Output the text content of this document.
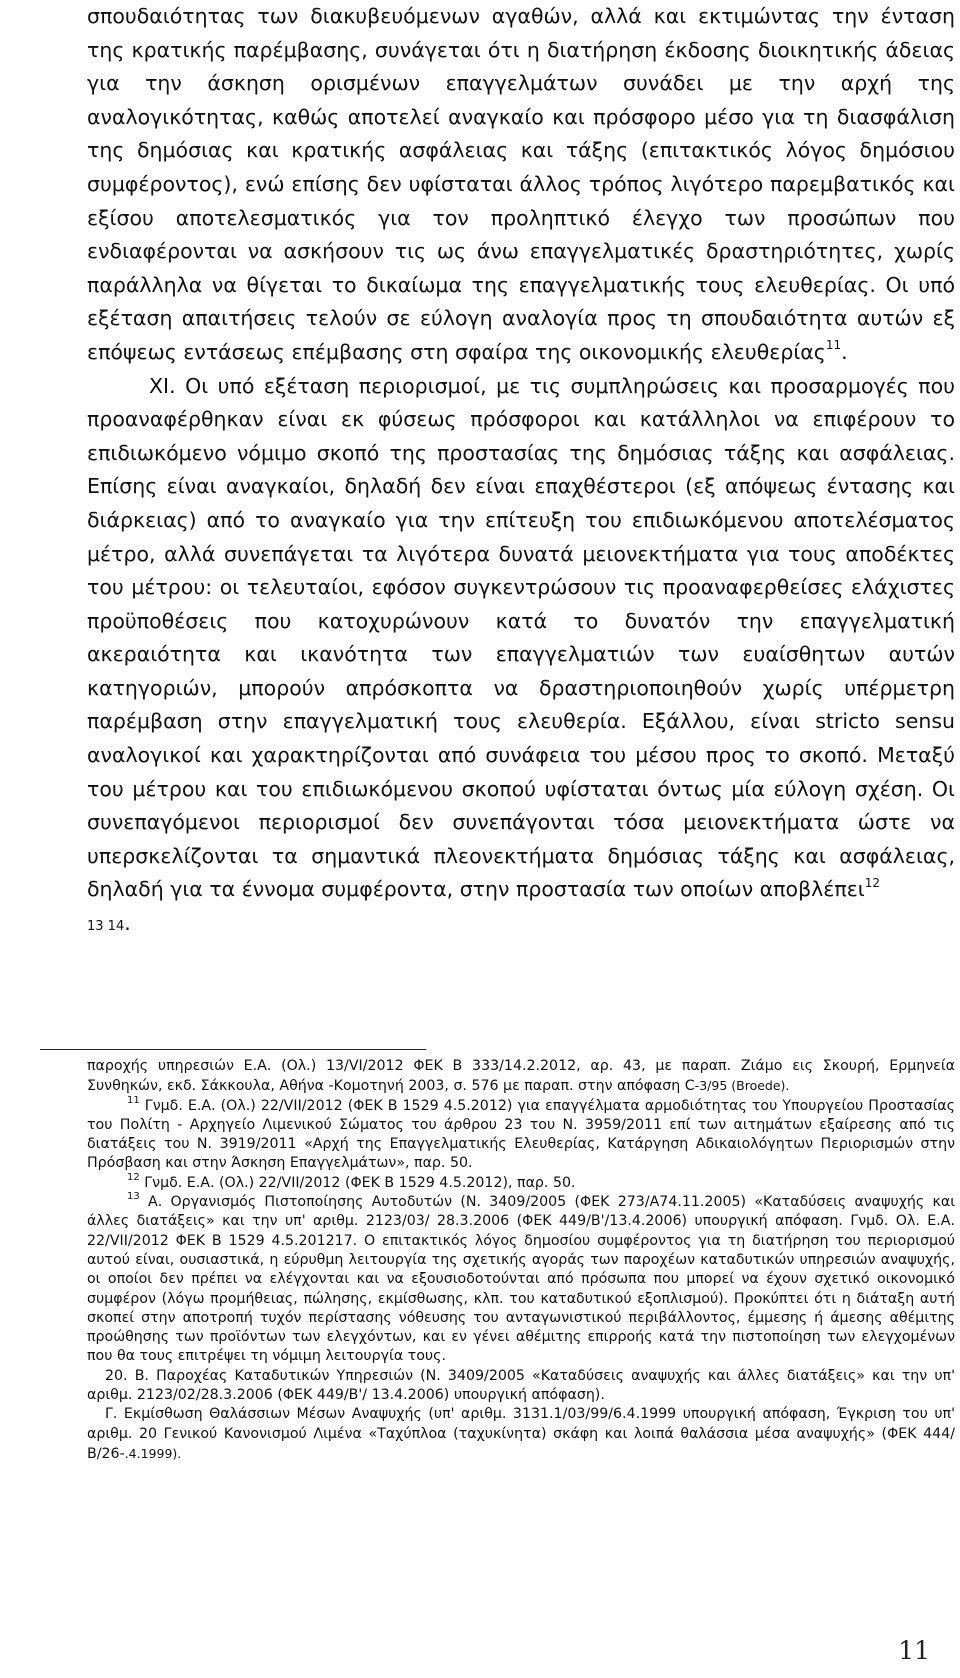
σπουδαιότητας των διακυβευόμενων αγαθών, αλλά και εκτιμώντας την ένταση της κρατικής παρέμβασης, συνάγεται ότι η διατήρηση έκδοσης διοικητικής άδειας για την άσκηση ορισμένων επαγγελμάτων συνάδει με την αρχή της αναλογικότητας, καθώς αποτελεί αναγκαίο και πρόσφορο μέσο για τη διασφάλιση της δημόσιας και κρατικής ασφάλειας και τάξης (επιτακτικός λόγος δημόσιου συμφέροντος), ενώ επίσης δεν υφίσταται άλλος τρόπος λιγότερο παρεμβατικός και εξίσου αποτελεσματικός για τον προληπτικό έλεγχο των προσώπων που ενδιαφέρονται να ασκήσουν τις ως άνω επαγγελματικές δραστηριότητες, χωρίς παράλληλα να θίγεται το δικαίωμα της επαγγελματικής τους ελευθερίας. Οι υπό εξέταση απαιτήσεις τελούν σε εύλογη αναλογία προς τη σπουδαιότητα αυτών εξ επόψεως εντάσεως επέμβασης στη σφαίρα της οικονομικής ελευθερίας$^{11}$.

XI. Οι υπό εξέταση περιορισμοί, με τις συμπληρώσεις και προσαρμογές που προαναφέρθηκαν είναι εκ φύσεως πρόσφοροι και κατάλληλοι να επιφέρουν το επιδιωκόμενο νόμιμο σκοπό της προστασίας της δημόσιας τάξης και ασφάλειας. Επίσης είναι αναγκαίοι, δηλαδή δεν είναι επαχθέστεροι (εξ απόψεως έντασης και διάρκειας) από το αναγκαίο για την επίτευξη του επιδιωκόμενου αποτελέσματος μέτρο, αλλά συνεπάγεται τα λιγότερα δυνατά μειονεκτήματα για τους αποδέκτες του μέτρου: οι τελευταίοι, εφόσον συγκεντρώσουν τις προαναφερθείσες ελάχιστες προϋποθέσεις που κατοχυρώνουν κατά το δυνατόν την επαγγελματική ακεραιότητα και ικανότητα των επαγγελματιών των ευαίσθητων αυτών κατηγοριών, μπορούν απρόσκοπτα να δραστηριοποιηθούν χωρίς υπέρμετρη παρέμβαση στην επαγγελματική τους ελευθερία. Εξάλλου, είναι stricto sensu αναλογικοί και χαρακτηρίζονται από συνάφεια του μέσου προς το σκοπό. Μεταξύ του μέτρου και του επιδιωκόμενου σκοπού υφίσταται όντως μία εύλογη σχέση. Οι συνεπαγόμενοι περιορισμοί δεν συνεπάγονται τόσα μειονεκτήματα ώστε να υπερσκελίζονται τα σημαντικά πλεονεκτήματα δημόσιας τάξης και ασφάλειας, δηλαδή για τα έννομα συμφέροντα, στην προστασία των οποίων αποβλέπει$^{12}$
13 14.

παροχής υπηρεσιών Ε.Α. (Ολ.) 13/VI/2012 ΦΕΚ Β 333/14.2.2012, αρ. 43, με παραπ. Ζιάμο εις Σκουρή, Ερμηνεία Συνθηκών, εκδ. Σάκκουλα, Αθήνα -Κομοτηνή 2003, σ. 576 με παραπ. στην απόφαση C-3/95 (Broede).

$^{11}$ Γνμδ. Ε.Α. (Ολ.) 22/VII/2012 (ΦΕΚ Β 1529 4.5.2012) για επαγγέλματα αρμοδιότητας του Υπουργείου Προστασίας του Πολίτη - Αρχηγείο Λιμενικού Σώματος του άρθρου 23 του Ν. 3959/2011 επί των αιτημάτων εξαίρεσης από τις διατάξεις του Ν. 3919/2011 «Αρχή της Επαγγελματικής Ελευθερίας, Κατάργηση Αδικαιολόγητων Περιορισμών στην Πρόσβαση και στην Άσκηση Επαγγελμάτων», παρ. 50.

$^{12}$ Γνμδ. Ε.Α. (Ολ.) 22/VII/2012 (ΦΕΚ Β 1529 4.5.2012), παρ. 50.

$^{13}$ Α. Οργανισμός Πιστοποίησης Αυτοδυτών (Ν. 3409/2005 (ΦΕΚ 273/Α74.11.2005) «Καταδύσεις αναψυχής και άλλες διατάξεις» και την υπ' αριθμ. 2123/03/ 28.3.2006 (ΦΕΚ 449/Β'/13.4.2006) υπουργική απόφαση. Γνμδ. Ολ. Ε.Α. 22/VII/2012 ΦΕΚ Β 1529 4.5.201217. Ο επιτακτικός λόγος δημοσίου συμφέροντος για τη διατήρηση του περιορισμού αυτού είναι, ουσιαστικά, η εύρυθμη λειτουργία της σχετικής αγοράς των παροχέων καταδυτικών υπηρεσιών αναψυχής, οι οποίοι δεν πρέπει να ελέγχονται και να εξουσιοδοτούνται από πρόσωπα που μπορεί να έχουν σχετικό οικονομικό συμφέρον (λόγω προμήθειας, πώλησης, εκμίσθωσης, κλπ. του καταδυτικού εξοπλισμού). Προκύπτει ότι η διάταξη αυτή σκοπεί στην αποτροπή τυχόν περίστασης νόθευσης του ανταγωνιστικού περιβάλλοντος, έμμεσης ή άμεσης αθέμιτης προώθησης των προϊόντων των ελεγχόντων, και εν γένει αθέμιτης επιρροής κατά την πιστοποίηση των ελεγχομένων που θα τους επιτρέψει τη νόμιμη λειτουργία τους.

20. Β. Παροχέας Καταδυτικών Υπηρεσιών (Ν. 3409/2005 «Καταδύσεις αναψυχής και άλλες διατάξεις» και την υπ' αριθμ. 2123/02/28.3.2006 (ΦΕΚ 449/Β'/ 13.4.2006) υπουργική απόφαση).

Γ. Εκμίσθωση Θαλάσσιων Μέσων Αναψυχής (υπ' αριθμ. 3131.1/03/99/6.4.1999 υπουργική απόφαση, Έγκριση του υπ' αριθμ. 20 Γενικού Κανονισμού Λιμένα «Ταχύπλοα (ταχυκίνητα) σκάφη και λοιπά θαλάσσια μέσα αναψυχής» (ΦΕΚ 444/Β/26-.4.1999).

11
